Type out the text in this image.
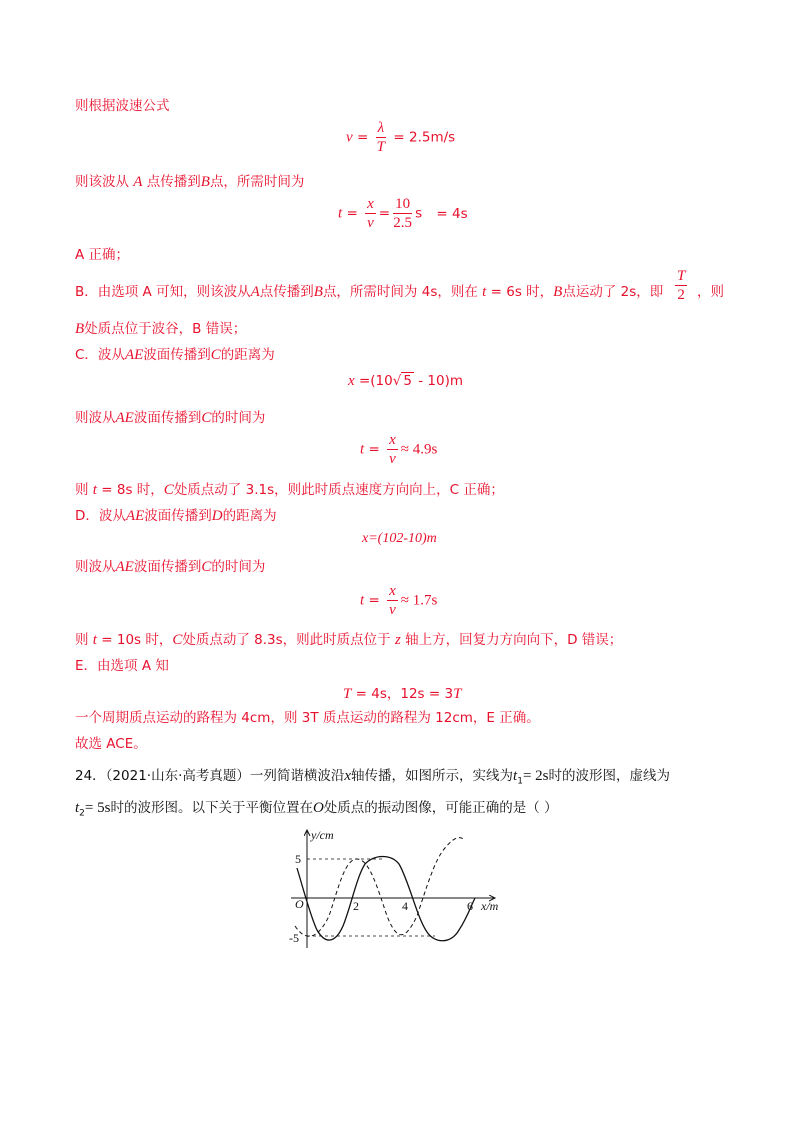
则根据波速公式
$v = \frac{\lambda}{T} = 2.5m/s$
则该波从 A 点传播到B点，所需时间为
$t = \frac{x}{v} = \frac{10}{2.5}$ s = 4s
A 正确；
B．由选项 A 可知，则该波从A点传播到B点，所需时间为 4s，则在 t = 6s 时，B点运动了 2s，即 $\frac{T}{2}$ ，则
B处质点位于波谷，B 错误；
C．波从AE波面传播到C的距离为
x =(10√ 5 - 10)m
则波从AE波面传播到C的时间为
$t = \frac{x}{v} \approx 4.9s$
则 t = 8s 时，C处质点动了 3.1s，则此时质点速度方向向上，C 正确；
D．波从AE波面传播到D的距离为
x=(102-10)m
则波从AE波面传播到C的时间为
$t = \frac{x}{v} \approx 1.7s$
则 t = 10s 时，C处质点动了 8.3s，则此时质点位于 z 轴上方，回复力方向向下，D 错误；
E．由选项 A 知
T = 4s，12s = 3T
一个周期质点运动的路程为 4cm，则 3T 质点运动的路程为 12cm，E 正确。
故选 ACE。
24．（2021·山东·高考真题）一列简谐横波沿x轴传播，如图所示，实线为$t_1= 2s$时的波形图，虚线为
$t_2= 5s$时的波形图。以下关于平衡位置在O处质点的振动图像，可能正确的是（ ）
y/cm
x/m
O
5
-5
2	4	6
